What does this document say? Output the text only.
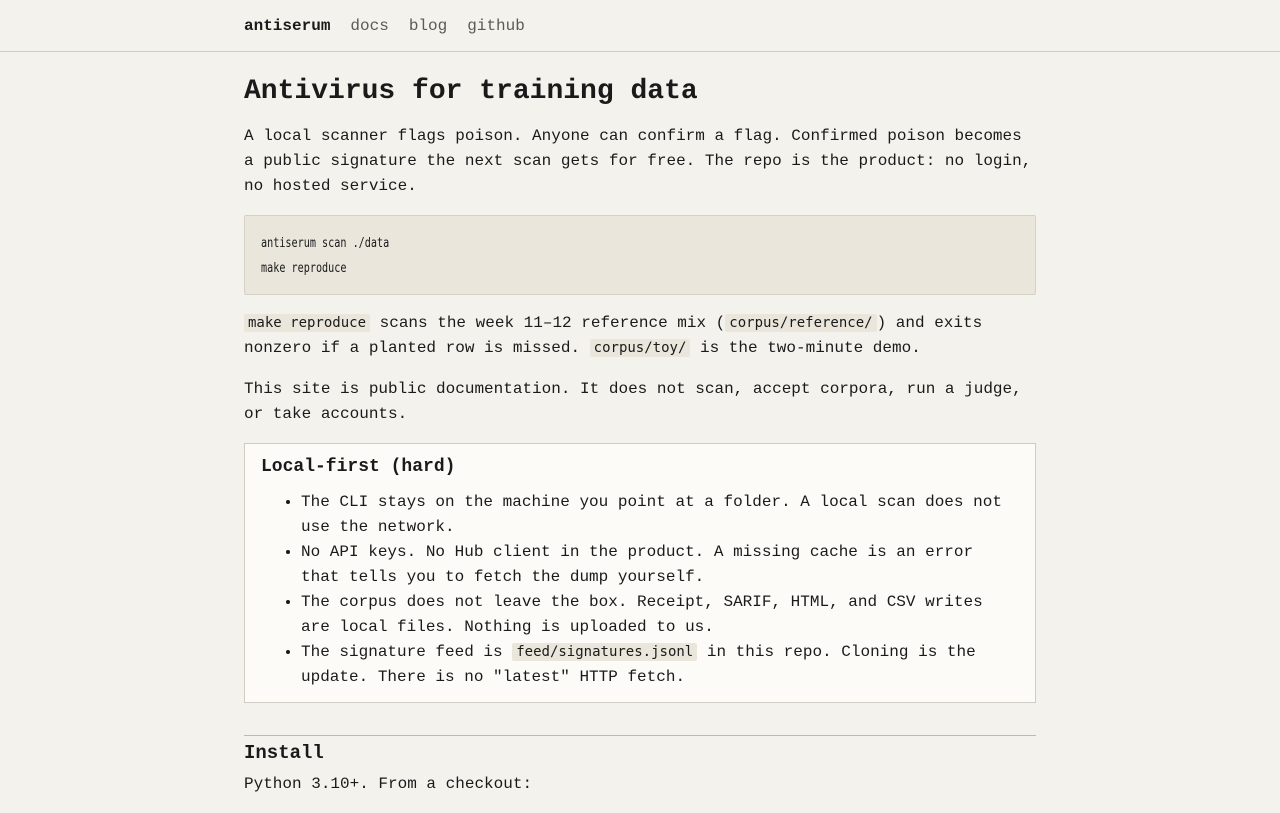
antiserum docs blog github
Antivirus for training data

A local scanner flags poison. Anyone can confirm a flag. Confirmed poison becomes a public signature the next scan gets for free. The repo is the product: no login, no hosted service.

antiserum scan ./data
make reproduce

make reproduce scans the week 11–12 reference mix ( corpus/reference/ ) and exits nonzero if a planted row is missed. corpus/toy/ is the two-minute demo.

This site is public documentation. It does not scan, accept corpora, run a judge, or take accounts.

Local-first (hard)
• The CLI stays on the machine you point at a folder. A local scan does not use the network.
• No API keys. No Hub client in the product. A missing cache is an error that tells you to fetch the dump yourself.
• The corpus does not leave the box. Receipt, SARIF, HTML, and CSV writes are local files. Nothing is uploaded to us.
• The signature feed is feed/signatures.jsonl in this repo. Cloning is the update. There is no "latest" HTTP fetch.
Install

Python 3.10+. From a checkout:
